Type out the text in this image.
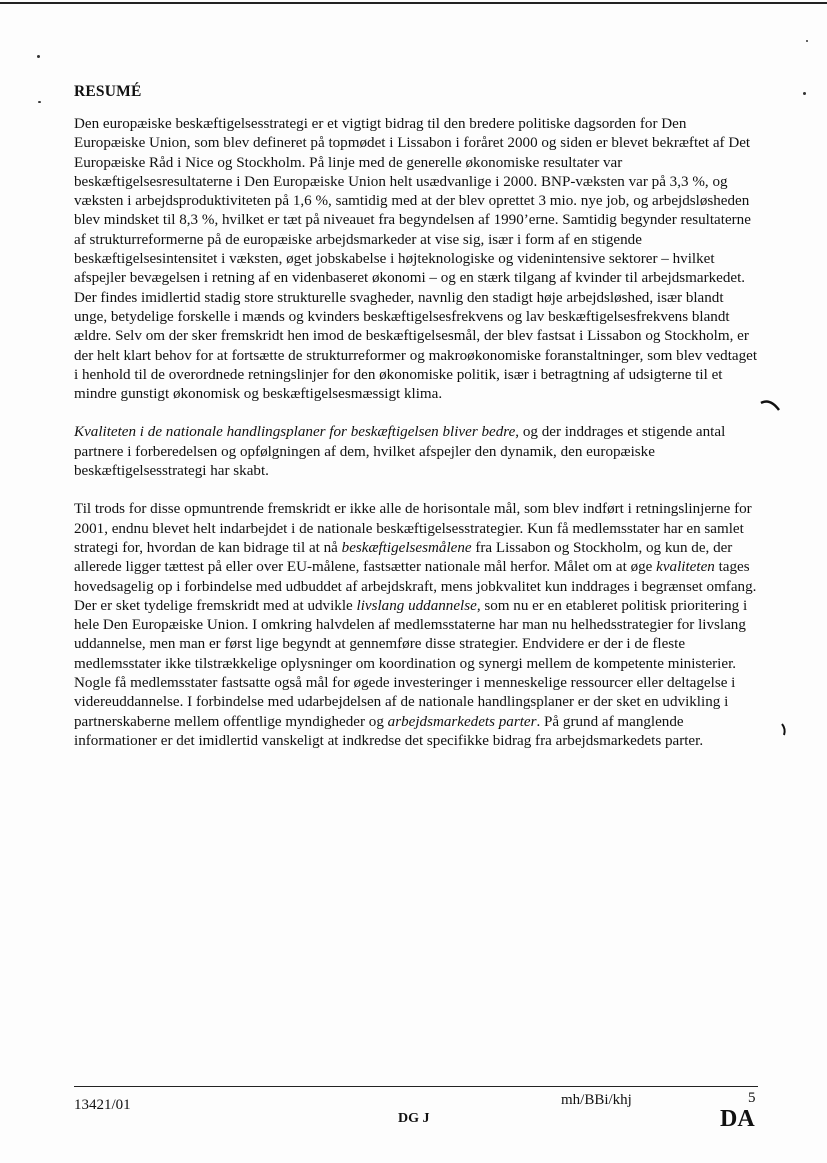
RESUMÉ

Den europæiske beskæftigelsesstrategi er et vigtigt bidrag til den bredere politiske dagsorden for Den Europæiske Union, som blev defineret på topmødet i Lissabon i foråret 2000 og siden er blevet bekræftet af Det Europæiske Råd i Nice og Stockholm. På linje med de generelle økonomiske resultater var beskæftigelsesresultaterne i Den Europæiske Union helt usædvanlige i 2000. BNP-væksten var på 3,3 %, og væksten i arbejdsproduktiviteten på 1,6 %, samtidig med at der blev oprettet 3 mio. nye job, og arbejdsløsheden blev mindsket til 8,3 %, hvilket er tæt på niveauet fra begyndelsen af 1990’erne. Samtidig begynder resultaterne af strukturreformerne på de europæiske arbejdsmarkeder at vise sig, især i form af en stigende beskæftigelsesintensitet i væksten, øget jobskabelse i højteknologiske og videnintensive sektorer – hvilket afspejler bevægelsen i retning af en videnbaseret økonomi – og en stærk tilgang af kvinder til arbejdsmarkedet. Der findes imidlertid stadig store strukturelle svagheder, navnlig den stadigt høje arbejdsløshed, især blandt unge, betydelige forskelle i mænds og kvinders beskæftigelsesfrekvens og lav beskæftigelsesfrekvens blandt ældre. Selv om der sker fremskridt hen imod de beskæftigelsesmål, der blev fastsat i Lissabon og Stockholm, er der helt klart behov for at fortsætte de strukturreformer og makroøkonomiske foranstaltninger, som blev vedtaget i henhold til de overordnede retningslinjer for den økonomiske politik, især i betragtning af udsigterne til et mindre gunstigt økonomisk og beskæftigelsesmæssigt klima.

Kvaliteten i de nationale handlingsplaner for beskæftigelsen bliver bedre, og der inddrages et stigende antal partnere i forberedelsen og opfølgningen af dem, hvilket afspejler den dynamik, den europæiske beskæftigelsesstrategi har skabt.

Til trods for disse opmuntrende fremskridt er ikke alle de horisontale mål, som blev indført i retningslinjerne for 2001, endnu blevet helt indarbejdet i de nationale beskæftigelsesstrategier. Kun få medlemsstater har en samlet strategi for, hvordan de kan bidrage til at nå beskæftigelsesmålene fra Lissabon og Stockholm, og kun de, der allerede ligger tættest på eller over EU-målene, fastsætter nationale mål herfor. Målet om at øge kvaliteten tages hovedsagelig op i forbindelse med udbuddet af arbejdskraft, mens jobkvalitet kun inddrages i begrænset omfang. Der er sket tydelige fremskridt med at udvikle livslang uddannelse, som nu er en etableret politisk prioritering i hele Den Europæiske Union. I omkring halvdelen af medlemsstaterne har man nu helhedsstrategier for livslang uddannelse, men man er først lige begyndt at gennemføre disse strategier. Endvidere er der i de fleste medlemsstater ikke tilstrækkelige oplysninger om koordination og synergi mellem de kompetente ministerier. Nogle få medlemsstater fastsatte også mål for øgede investeringer i menneskelige ressourcer eller deltagelse i videreuddannelse. I forbindelse med udarbejdelsen af de nationale handlingsplaner er der sket en udvikling i partnerskaberne mellem offentlige myndigheder og arbejdsmarkedets parter. På grund af manglende informationer er det imidlertid vanskeligt at indkredse det specifikke bidrag fra arbejdsmarkedets parter.

13421/01	mh/BBi/khj
DG J
5
DA
